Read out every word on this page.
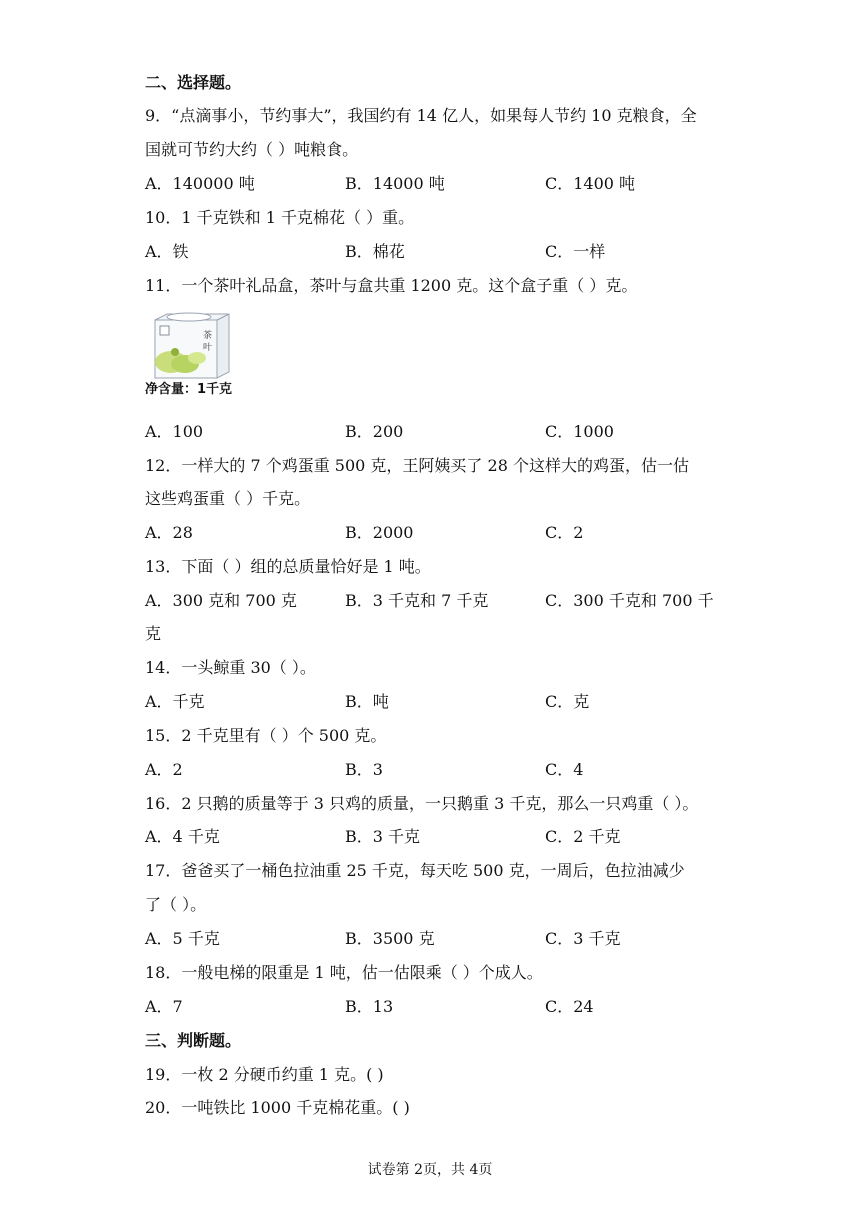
二、选择题。
9．“点滴事小，节约事大”，我国约有 14 亿人，如果每人节约 10 克粮食，全
国就可节约大约（ ）吨粮食。
A．140000 吨	B．14000 吨	C．1400 吨
10．1 千克铁和 1 千克棉花（ ）重。
A．铁	B．棉花	C．一样
11．一个茶叶礼品盒，茶叶与盒共重 1200 克。这个盒子重（ ）克。
茶
叶
净含量：1千克
A．100	B．200	C．1000
12．一样大的 7 个鸡蛋重 500 克，王阿姨买了 28 个这样大的鸡蛋，估一估
这些鸡蛋重（ ）千克。
A．28	B．2000	C．2
13．下面（ ）组的总质量恰好是 1 吨。
A．300 克和 700 克	B．3 千克和 7 千克	C．300 千克和 700 千
克
14．一头鲸重 30（ ）。
A．千克	B．吨	C．克
15．2 千克里有（ ）个 500 克。
A．2	B．3	C．4
16．2 只鹅的质量等于 3 只鸡的质量，一只鹅重 3 千克，那么一只鸡重（ ）。
A．4 千克	B．3 千克	C．2 千克
17．爸爸买了一桶色拉油重 25 千克，每天吃 500 克，一周后，色拉油减少
了（ ）。
A．5 千克	B．3500 克	C．3 千克
18．一般电梯的限重是 1 吨，估一估限乘（ ）个成人。
A．7	B．13	C．24
三、判断题。
19．一枚 2 分硬币约重 1 克。( )
20．一吨铁比 1000 千克棉花重。( )
试卷第 2页，共 4页
